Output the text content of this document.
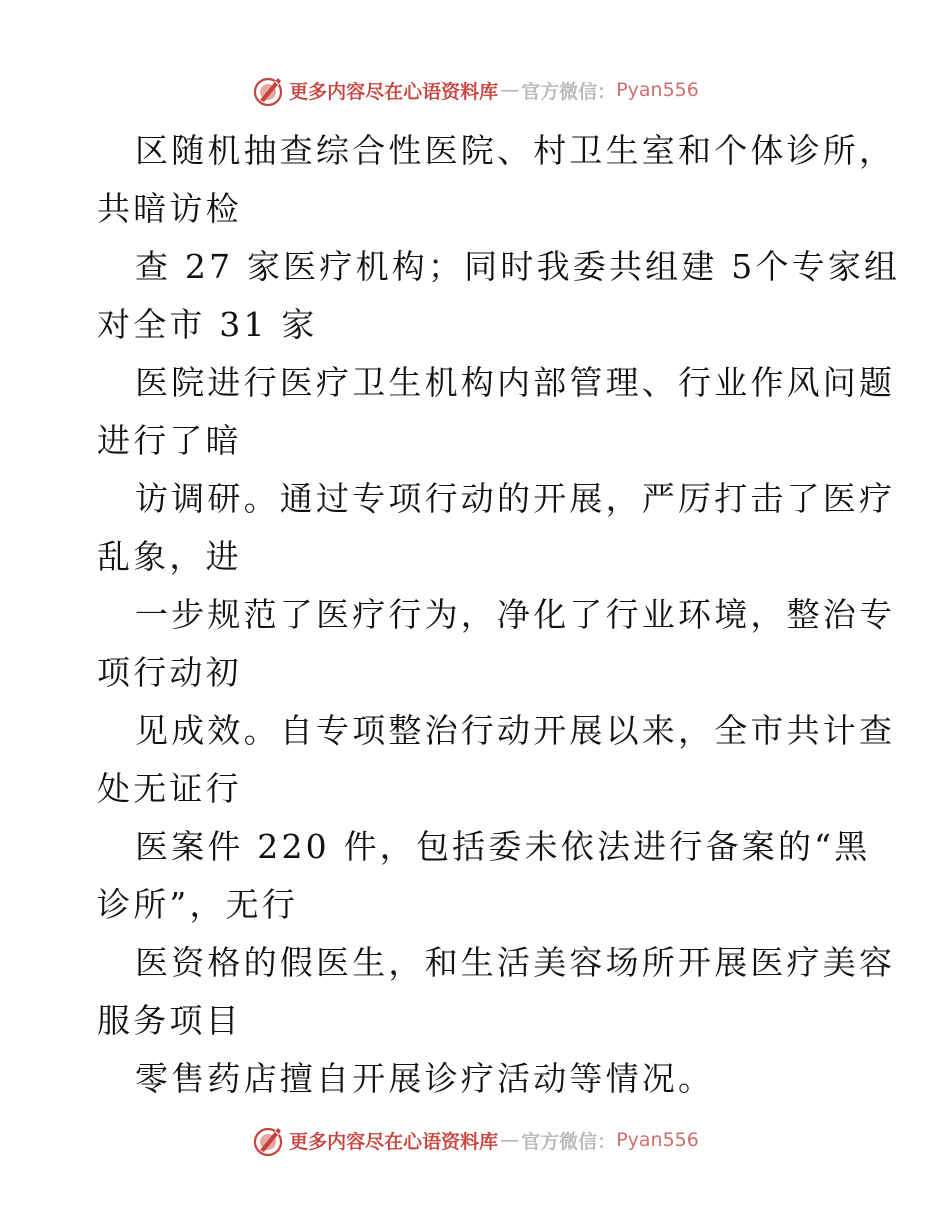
更多内容尽在心语资料库 — 官方微信： Pyan556

区随机抽查综合性医院、村卫生室和个体诊所，
共暗访检

查 27 家医疗机构；同时我委共组建 5个专家组
对全市 31 家

医院进行医疗卫生机构内部管理、行业作风问题
进行了暗

访调研。通过专项行动的开展，严厉打击了医疗
乱象，进

一步规范了医疗行为，净化了行业环境，整治专
项行动初

见成效。自专项整治行动开展以来，全市共计查
处无证行

医案件 220 件，包括委未依法进行备案的“黑
诊所”，无行

医资格的假医生，和生活美容场所开展医疗美容
服务项目

零售药店擅自开展诊疗活动等情况。

更多内容尽在心语资料库 — 官方微信： Pyan556
